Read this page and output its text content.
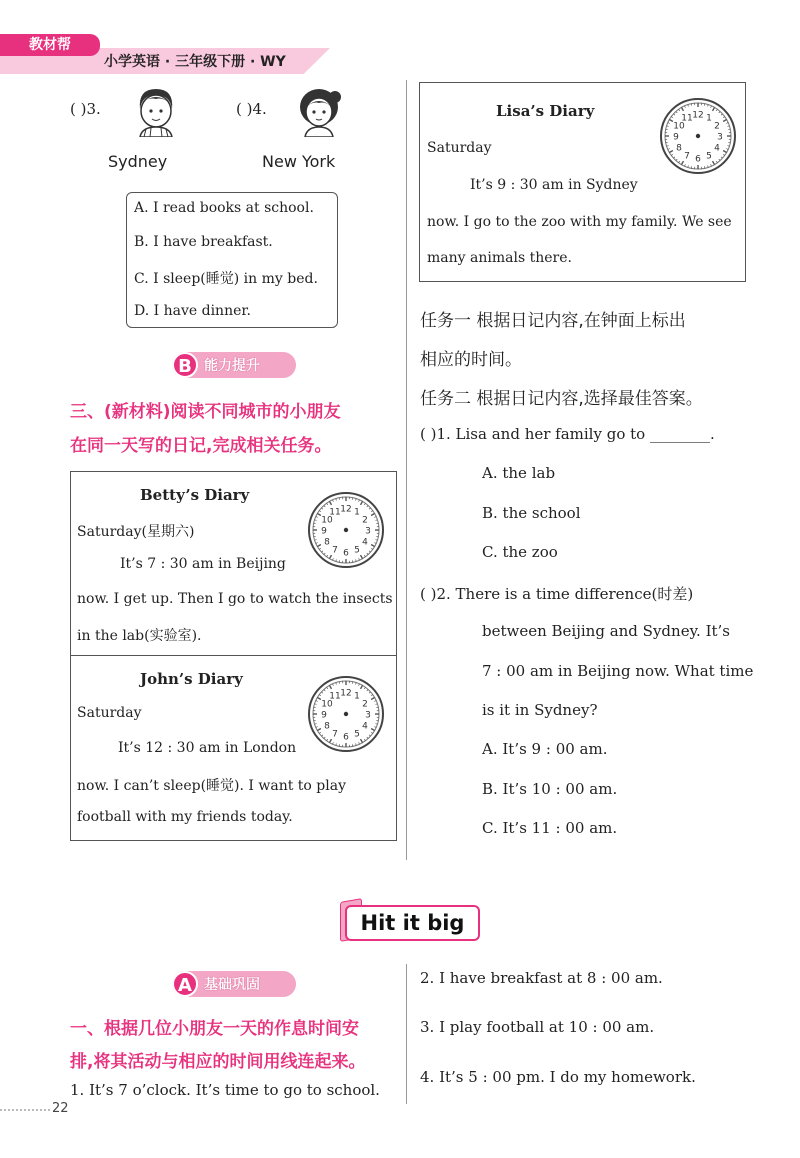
教材帮
小学英语 · 三年级下册 · WY
( )3.	( )4.
Sydney	New York
A. I read books at school.
B. I have breakfast.
C. I sleep(睡觉) in my bed.
D. I have dinner.
B 能力提升
三、(新材料)阅读不同城市的小朋友
在同一天写的日记,完成相关任务。
Betty’s Diary
Saturday(星期六)
It’s 7 : 30 am in Beijing
now. I get up. Then I go to watch the insects
in the lab(实验室).
John’s Diary
Saturday
It’s 12 : 30 am in London
now. I can’t sleep(睡觉). I want to play
football with my friends today.
12 1
2
3
4
5
6
7
8
9
10
11
12 1
2
3
4
5
6
7
8
9
10
11
Lisa’s Diary
Saturday
12 1
2
3
4
5
6
7
8
9
10
11
It’s 9 : 30 am in Sydney
now. I go to the zoo with my family. We see
many animals there.
任务一 根据日记内容,在钟面上标出
相应的时间。
任务二 根据日记内容,选择最佳答案。
( )1. Lisa and her family go to ________.
A. the lab
B. the school
C. the zoo
( )2. There is a time difference(时差)
between Beijing and Sydney. It’s
7 : 00 am in Beijing now. What time
is it in Sydney?
A. It’s 9 : 00 am.
B. It’s 10 : 00 am.
C. It’s 11 : 00 am.
Hit it big
A 基础巩固
一、根据几位小朋友一天的作息时间安
排,将其活动与相应的时间用线连起来。
1. It’s 7 o’clock. It’s time to go to school.
2. I have breakfast at 8 : 00 am.
3. I play football at 10 : 00 am.
4. It’s 5 : 00 pm. I do my homework.
22
